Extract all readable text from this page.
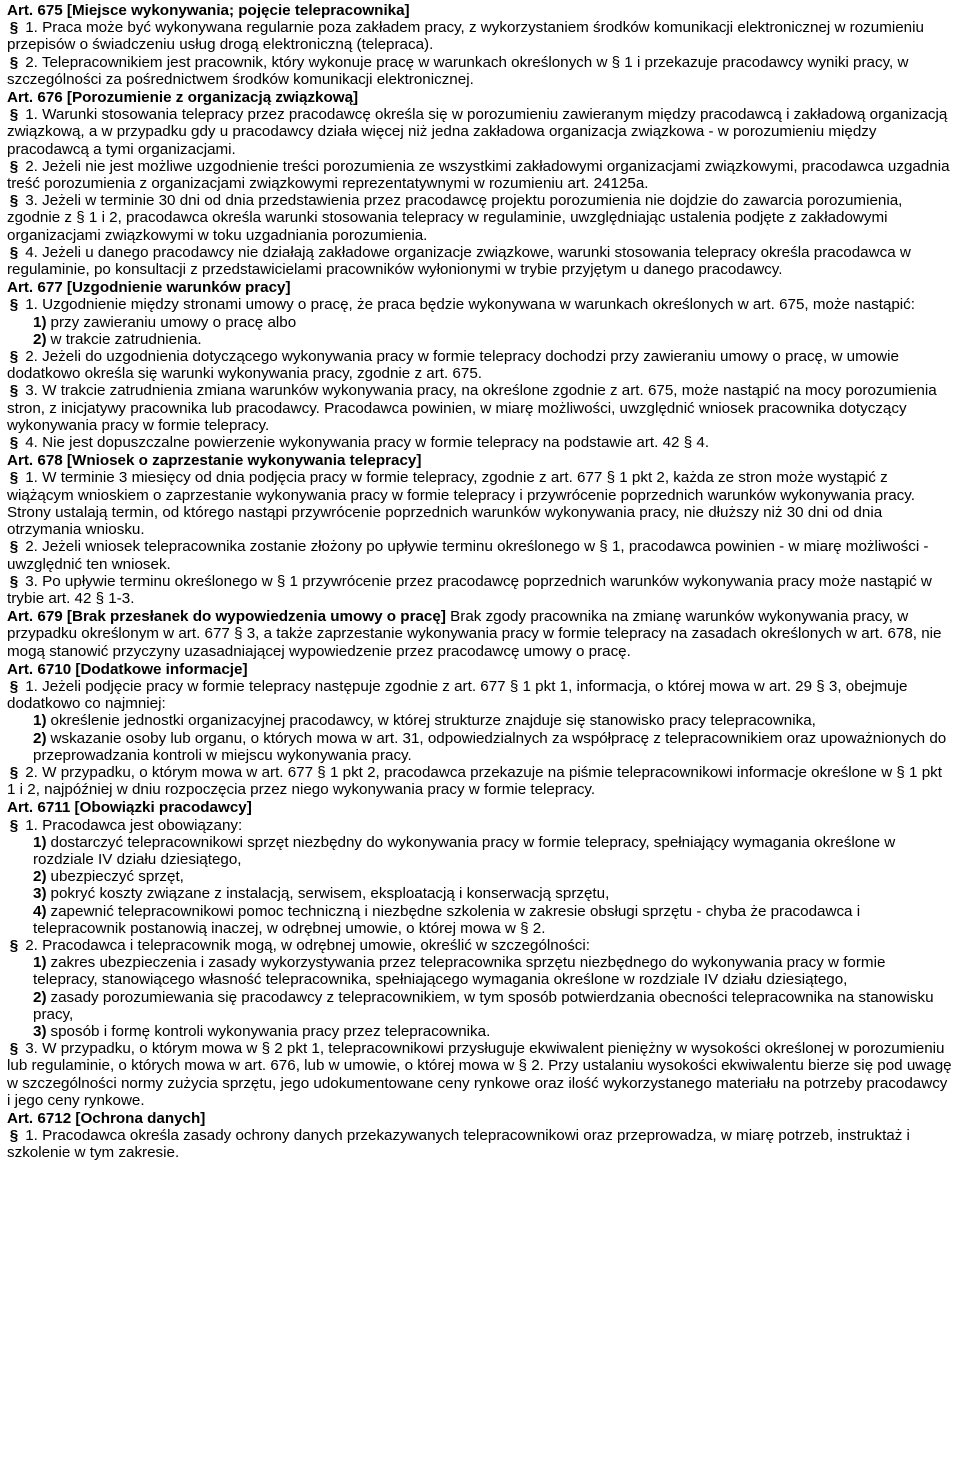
Art. 675 [Miejsce wykonywania; pojęcie telepracownika]
§ 1. Praca może być wykonywana regularnie poza zakładem pracy, z wykorzystaniem środków komunikacji elektronicznej w rozumieniu przepisów o świadczeniu usług drogą elektroniczną (telepraca).
§ 2. Telepracownikiem jest pracownik, który wykonuje pracę w warunkach określonych w § 1 i przekazuje pracodawcy wyniki pracy, w szczególności za pośrednictwem środków komunikacji elektronicznej.
Art. 676 [Porozumienie z organizacją związkową]
§ 1. Warunki stosowania telepracy przez pracodawcę określa się w porozumieniu zawieranym między pracodawcą i zakładową organizacją związkową, a w przypadku gdy u pracodawcy działa więcej niż jedna zakładowa organizacja związkowa - w porozumieniu między pracodawcą a tymi organizacjami.
§ 2. Jeżeli nie jest możliwe uzgodnienie treści porozumienia ze wszystkimi zakładowymi organizacjami związkowymi, pracodawca uzgadnia treść porozumienia z organizacjami związkowymi reprezentatywnymi w rozumieniu art. 24125a.
§ 3. Jeżeli w terminie 30 dni od dnia przedstawienia przez pracodawcę projektu porozumienia nie dojdzie do zawarcia porozumienia, zgodnie z § 1 i 2, pracodawca określa warunki stosowania telepracy w regulaminie, uwzględniając ustalenia podjęte z zakładowymi organizacjami związkowymi w toku uzgadniania porozumienia.
§ 4. Jeżeli u danego pracodawcy nie działają zakładowe organizacje związkowe, warunki stosowania telepracy określa pracodawca w regulaminie, po konsultacji z przedstawicielami pracowników wyłonionymi w trybie przyjętym u danego pracodawcy.
Art. 677 [Uzgodnienie warunków pracy]
§ 1. Uzgodnienie między stronami umowy o pracę, że praca będzie wykonywana w warunkach określonych w art. 675, może nastąpić:
1) przy zawieraniu umowy o pracę albo
2) w trakcie zatrudnienia.
§ 2. Jeżeli do uzgodnienia dotyczącego wykonywania pracy w formie telepracy dochodzi przy zawieraniu umowy o pracę, w umowie dodatkowo określa się warunki wykonywania pracy, zgodnie z art. 675.
§ 3. W trakcie zatrudnienia zmiana warunków wykonywania pracy, na określone zgodnie z art. 675, może nastąpić na mocy porozumienia stron, z inicjatywy pracownika lub pracodawcy. Pracodawca powinien, w miarę możliwości, uwzględnić wniosek pracownika dotyczący wykonywania pracy w formie telepracy.
§ 4. Nie jest dopuszczalne powierzenie wykonywania pracy w formie telepracy na podstawie art. 42 § 4.
Art. 678 [Wniosek o zaprzestanie wykonywania telepracy]
§ 1. W terminie 3 miesięcy od dnia podjęcia pracy w formie telepracy, zgodnie z art. 677 § 1 pkt 2, każda ze stron może wystąpić z wiążącym wnioskiem o zaprzestanie wykonywania pracy w formie telepracy i przywrócenie poprzednich warunków wykonywania pracy. Strony ustalają termin, od którego nastąpi przywrócenie poprzednich warunków wykonywania pracy, nie dłuższy niż 30 dni od dnia otrzymania wniosku.
§ 2. Jeżeli wniosek telepracownika zostanie złożony po upływie terminu określonego w § 1, pracodawca powinien - w miarę możliwości - uwzględnić ten wniosek.
§ 3. Po upływie terminu określonego w § 1 przywrócenie przez pracodawcę poprzednich warunków wykonywania pracy może nastąpić w trybie art. 42 § 1-3.
Art. 679 [Brak przesłanek do wypowiedzenia umowy o pracę] Brak zgody pracownika na zmianę warunków wykonywania pracy, w przypadku określonym w art. 677 § 3, a także zaprzestanie wykonywania pracy w formie telepracy na zasadach określonych w art. 678, nie mogą stanowić przyczyny uzasadniającej wypowiedzenie przez pracodawcę umowy o pracę.
Art. 6710 [Dodatkowe informacje]
§ 1. Jeżeli podjęcie pracy w formie telepracy następuje zgodnie z art. 677 § 1 pkt 1, informacja, o której mowa w art. 29 § 3, obejmuje dodatkowo co najmniej:
1) określenie jednostki organizacyjnej pracodawcy, w której strukturze znajduje się stanowisko pracy telepracownika,
2) wskazanie osoby lub organu, o których mowa w art. 31, odpowiedzialnych za współpracę z telepracownikiem oraz upoważnionych do przeprowadzania kontroli w miejscu wykonywania pracy.
§ 2. W przypadku, o którym mowa w art. 677 § 1 pkt 2, pracodawca przekazuje na piśmie telepracownikowi informacje określone w § 1 pkt 1 i 2, najpóźniej w dniu rozpoczęcia przez niego wykonywania pracy w formie telepracy.
Art. 6711 [Obowiązki pracodawcy]
§ 1. Pracodawca jest obowiązany:
1) dostarczyć telepracownikowi sprzęt niezbędny do wykonywania pracy w formie telepracy, spełniający wymagania określone w rozdziale IV działu dziesiątego,
2) ubezpieczyć sprzęt,
3) pokryć koszty związane z instalacją, serwisem, eksploatacją i konserwacją sprzętu,
4) zapewnić telepracownikowi pomoc techniczną i niezbędne szkolenia w zakresie obsługi sprzętu - chyba że pracodawca i telepracownik postanowią inaczej, w odrębnej umowie, o której mowa w § 2.
§ 2. Pracodawca i telepracownik mogą, w odrębnej umowie, określić w szczególności:
1) zakres ubezpieczenia i zasady wykorzystywania przez telepracownika sprzętu niezbędnego do wykonywania pracy w formie telepracy, stanowiącego własność telepracownika, spełniającego wymagania określone w rozdziale IV działu dziesiątego,
2) zasady porozumiewania się pracodawcy z telepracownikiem, w tym sposób potwierdzania obecności telepracownika na stanowisku pracy,
3) sposób i formę kontroli wykonywania pracy przez telepracownika.
§ 3. W przypadku, o którym mowa w § 2 pkt 1, telepracownikowi przysługuje ekwiwalent pieniężny w wysokości określonej w porozumieniu lub regulaminie, o których mowa w art. 676, lub w umowie, o której mowa w § 2. Przy ustalaniu wysokości ekwiwalentu bierze się pod uwagę w szczególności normy zużycia sprzętu, jego udokumentowane ceny rynkowe oraz ilość wykorzystanego materiału na potrzeby pracodawcy i jego ceny rynkowe.
Art. 6712 [Ochrona danych]
§ 1. Pracodawca określa zasady ochrony danych przekazywanych telepracownikowi oraz przeprowadza, w miarę potrzeb, instruktaż i szkolenie w tym zakresie.
